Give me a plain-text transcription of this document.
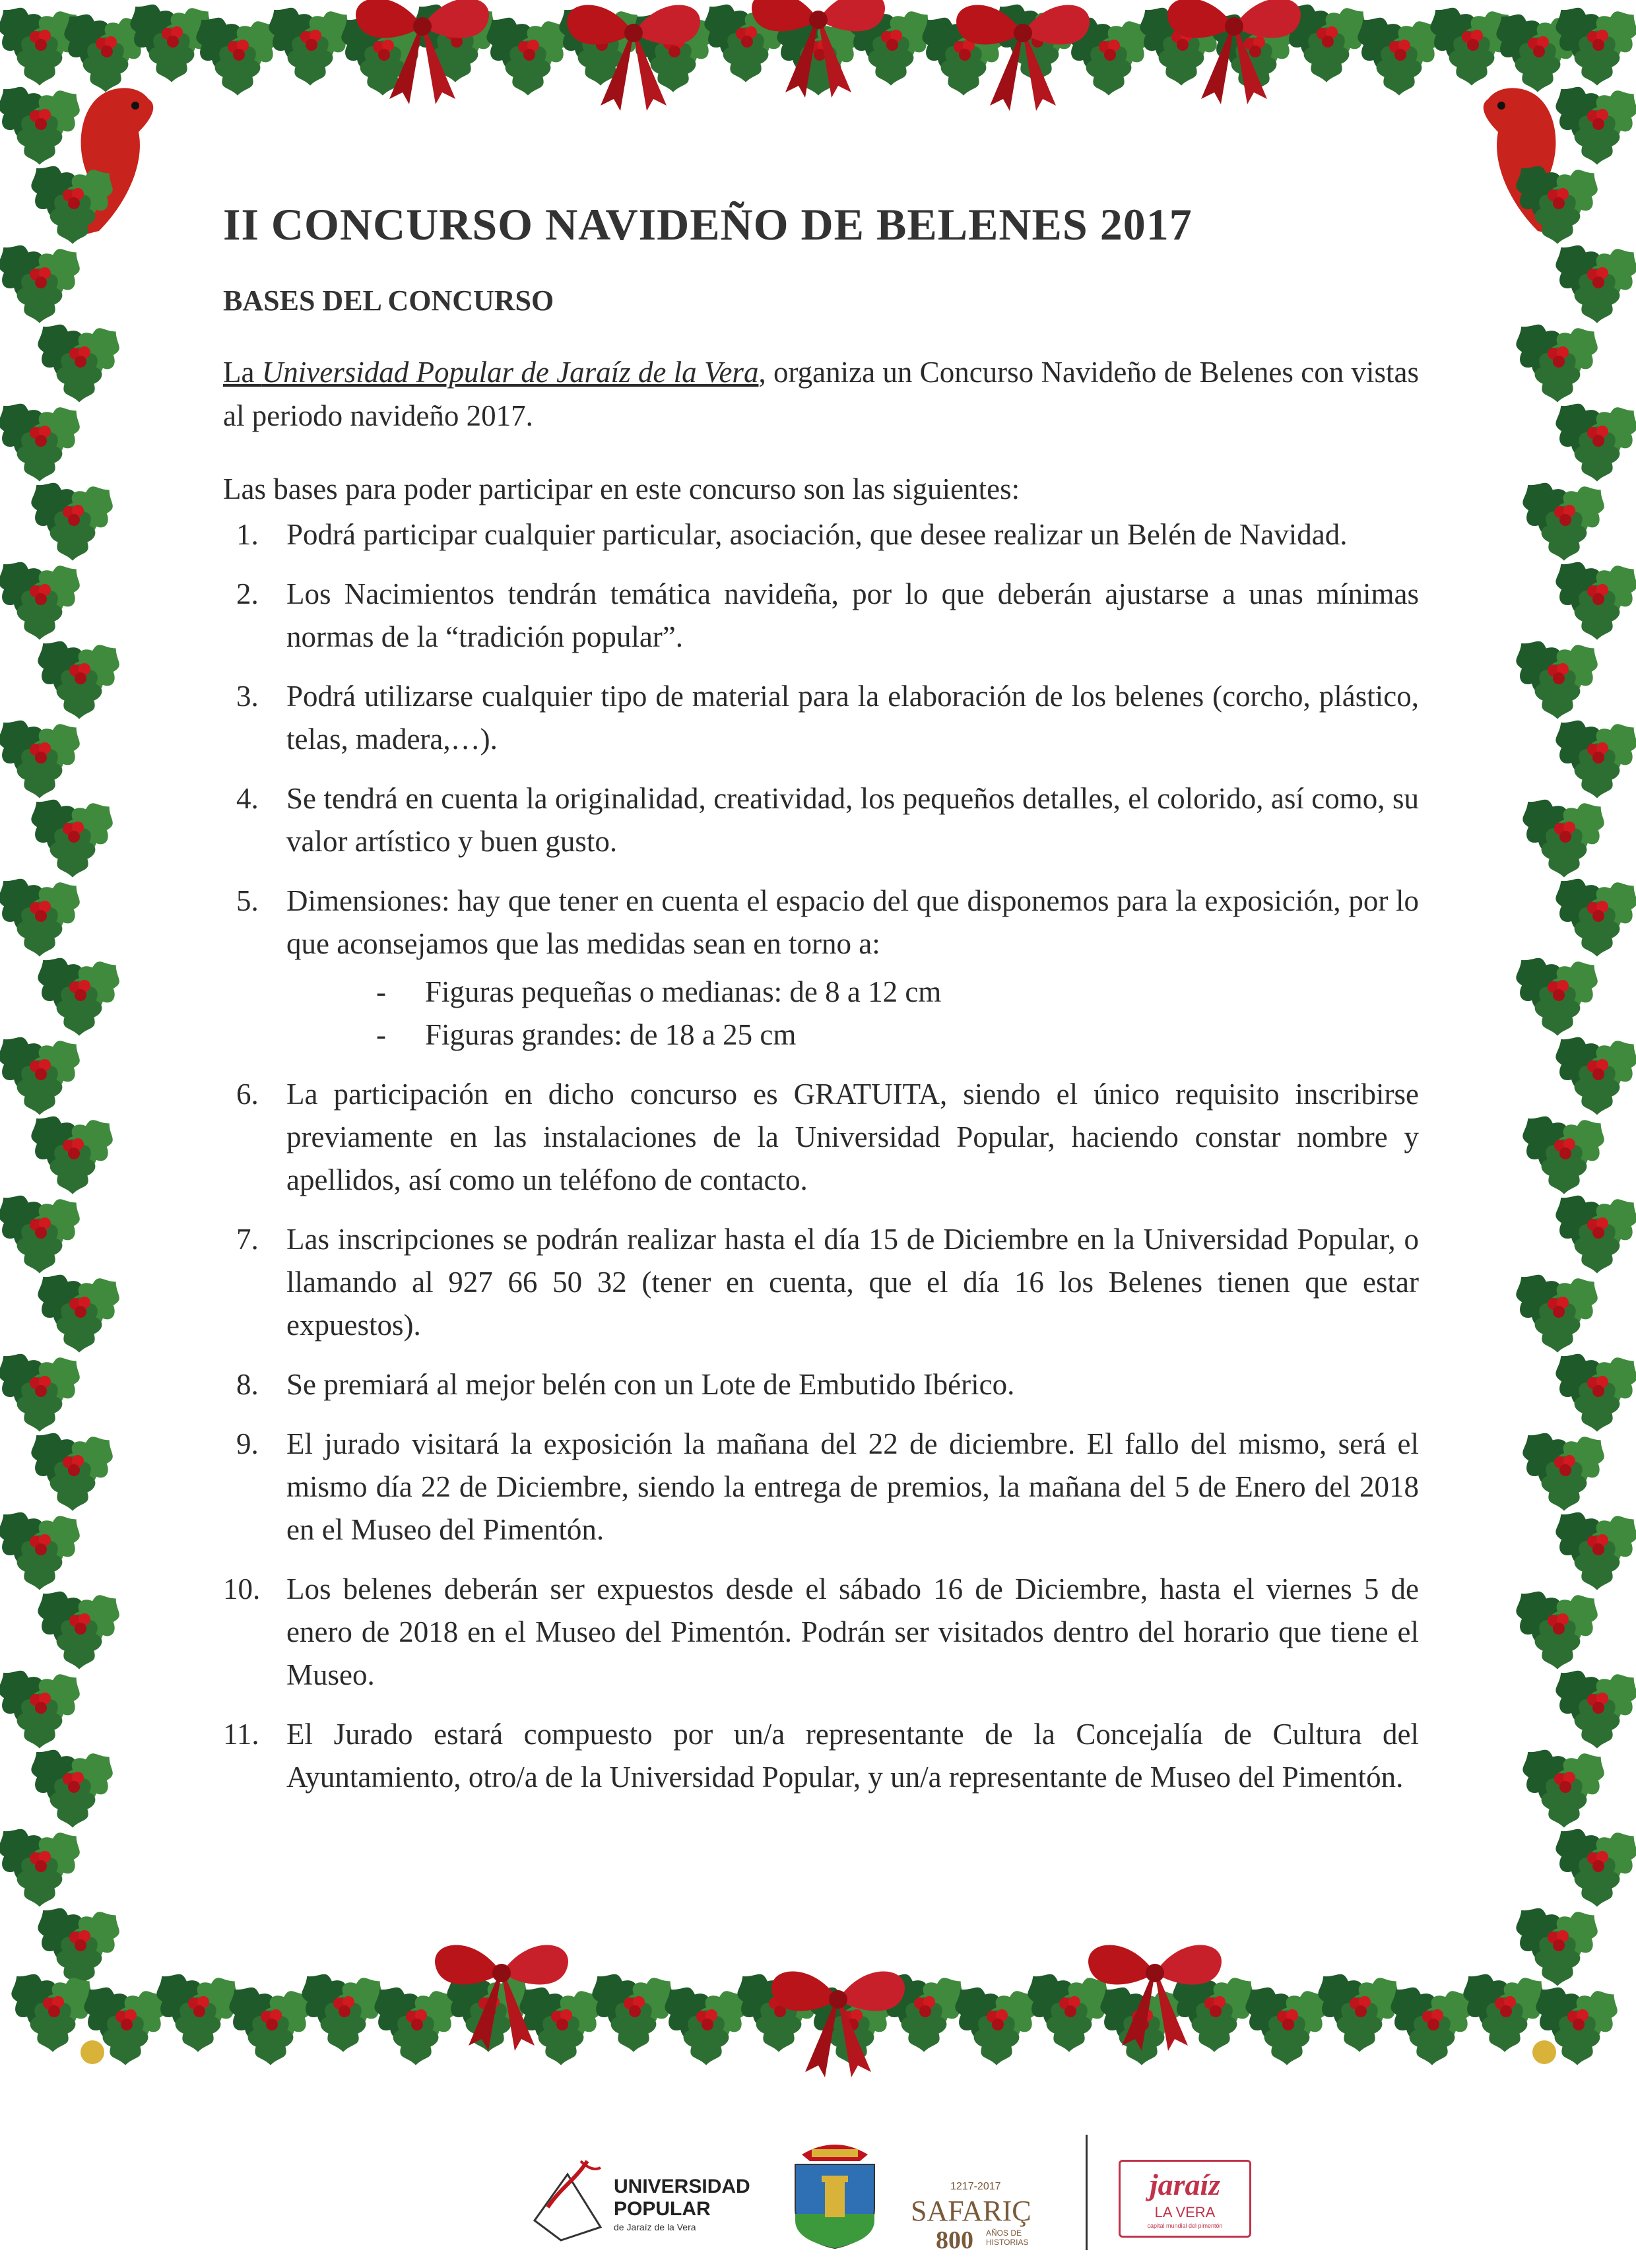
II CONCURSO NAVIDEÑO DE BELENES 2017
BASES DEL CONCURSO

La Universidad Popular de Jaraíz de la Vera, organiza un Concurso Navideño de Belenes con vistas al periodo navideño 2017.

Las bases para poder participar en este concurso son las siguientes:

1. Podrá participar cualquier particular, asociación, que desee realizar un Belén de Navidad.
2. Los Nacimientos tendrán temática navideña, por lo que deberán ajustarse a unas mínimas normas de la “tradición popular”.
3. Podrá utilizarse cualquier tipo de material para la elaboración de los belenes (corcho, plástico, telas, madera,…).
4. Se tendrá en cuenta la originalidad, creatividad, los pequeños detalles, el colorido, así como, su valor artístico y buen gusto.
5. Dimensiones: hay que tener en cuenta el espacio del que disponemos para la exposición, por lo que aconsejamos que las medidas sean en torno a:
- Figuras pequeñas o medianas: de 8 a 12 cm
- Figuras grandes: de 18 a 25 cm
6. La participación en dicho concurso es GRATUITA, siendo el único requisito inscribirse previamente en las instalaciones de la Universidad Popular, haciendo constar nombre y apellidos, así como un teléfono de contacto.
7. Las inscripciones se podrán realizar hasta el día 15 de Diciembre en la Universidad Popular, o llamando al 927 66 50 32 (tener en cuenta, que el día 16 los Belenes tienen que estar expuestos).
8. Se premiará al mejor belén con un Lote de Embutido Ibérico.
9. El jurado visitará la exposición la mañana del 22 de diciembre. El fallo del mismo, será el mismo día 22 de Diciembre, siendo la entrega de premios, la mañana del 5 de Enero del 2018 en el Museo del Pimentón.
10. Los belenes deberán ser expuestos desde el sábado 16 de Diciembre, hasta el viernes 5 de enero de 2018 en el Museo del Pimentón. Podrán ser visitados dentro del horario que tiene el Museo.
11. El Jurado estará compuesto por un/a representante de la Concejalía de Cultura del Ayuntamiento, otro/a de la Universidad Popular, y un/a representante de Museo del Pimentón.
UNIVERSIDAD
POPULAR
de Jaraíz de la Vera
1217-2017
SAFARIÇ
800 AÑOS DE HISTORIAS
jaraíz
LA VERA
capital mundial del pimentón
